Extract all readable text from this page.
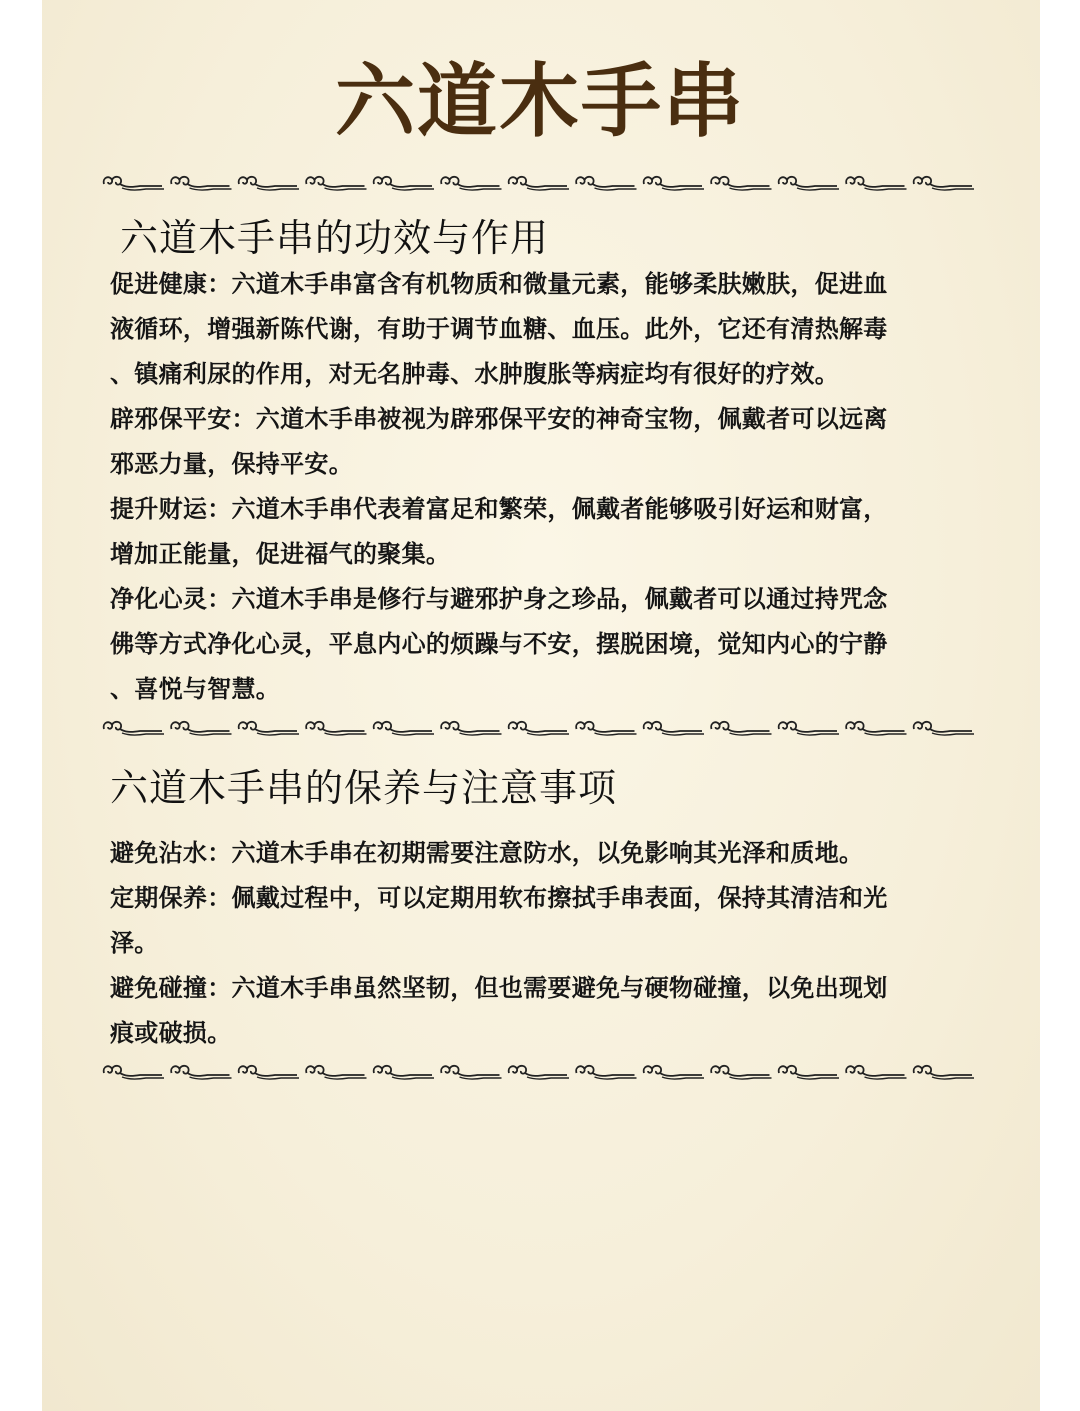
六道木手串
六道木手串的功效与作用
促进健康：六道木手串富含有机物质和微量元素，能够柔肤嫩肤，促进血
液循环，增强新陈代谢，有助于调节血糖、血压。此外，它还有清热解毒
、镇痛利尿的作用，对无名肿毒、水肿腹胀等病症均有很好的疗效。
辟邪保平安：六道木手串被视为辟邪保平安的神奇宝物，佩戴者可以远离
邪恶力量，保持平安。
提升财运：六道木手串代表着富足和繁荣，佩戴者能够吸引好运和财富，
增加正能量，促进福气的聚集。
净化心灵：六道木手串是修行与避邪护身之珍品，佩戴者可以通过持咒念
佛等方式净化心灵，平息内心的烦躁与不安，摆脱困境，觉知内心的宁静
、喜悦与智慧。
六道木手串的保养与注意事项
避免沾水：六道木手串在初期需要注意防水，以免影响其光泽和质地。
定期保养：佩戴过程中，可以定期用软布擦拭手串表面，保持其清洁和光
泽。
避免碰撞：六道木手串虽然坚韧，但也需要避免与硬物碰撞，以免出现划
痕或破损。
